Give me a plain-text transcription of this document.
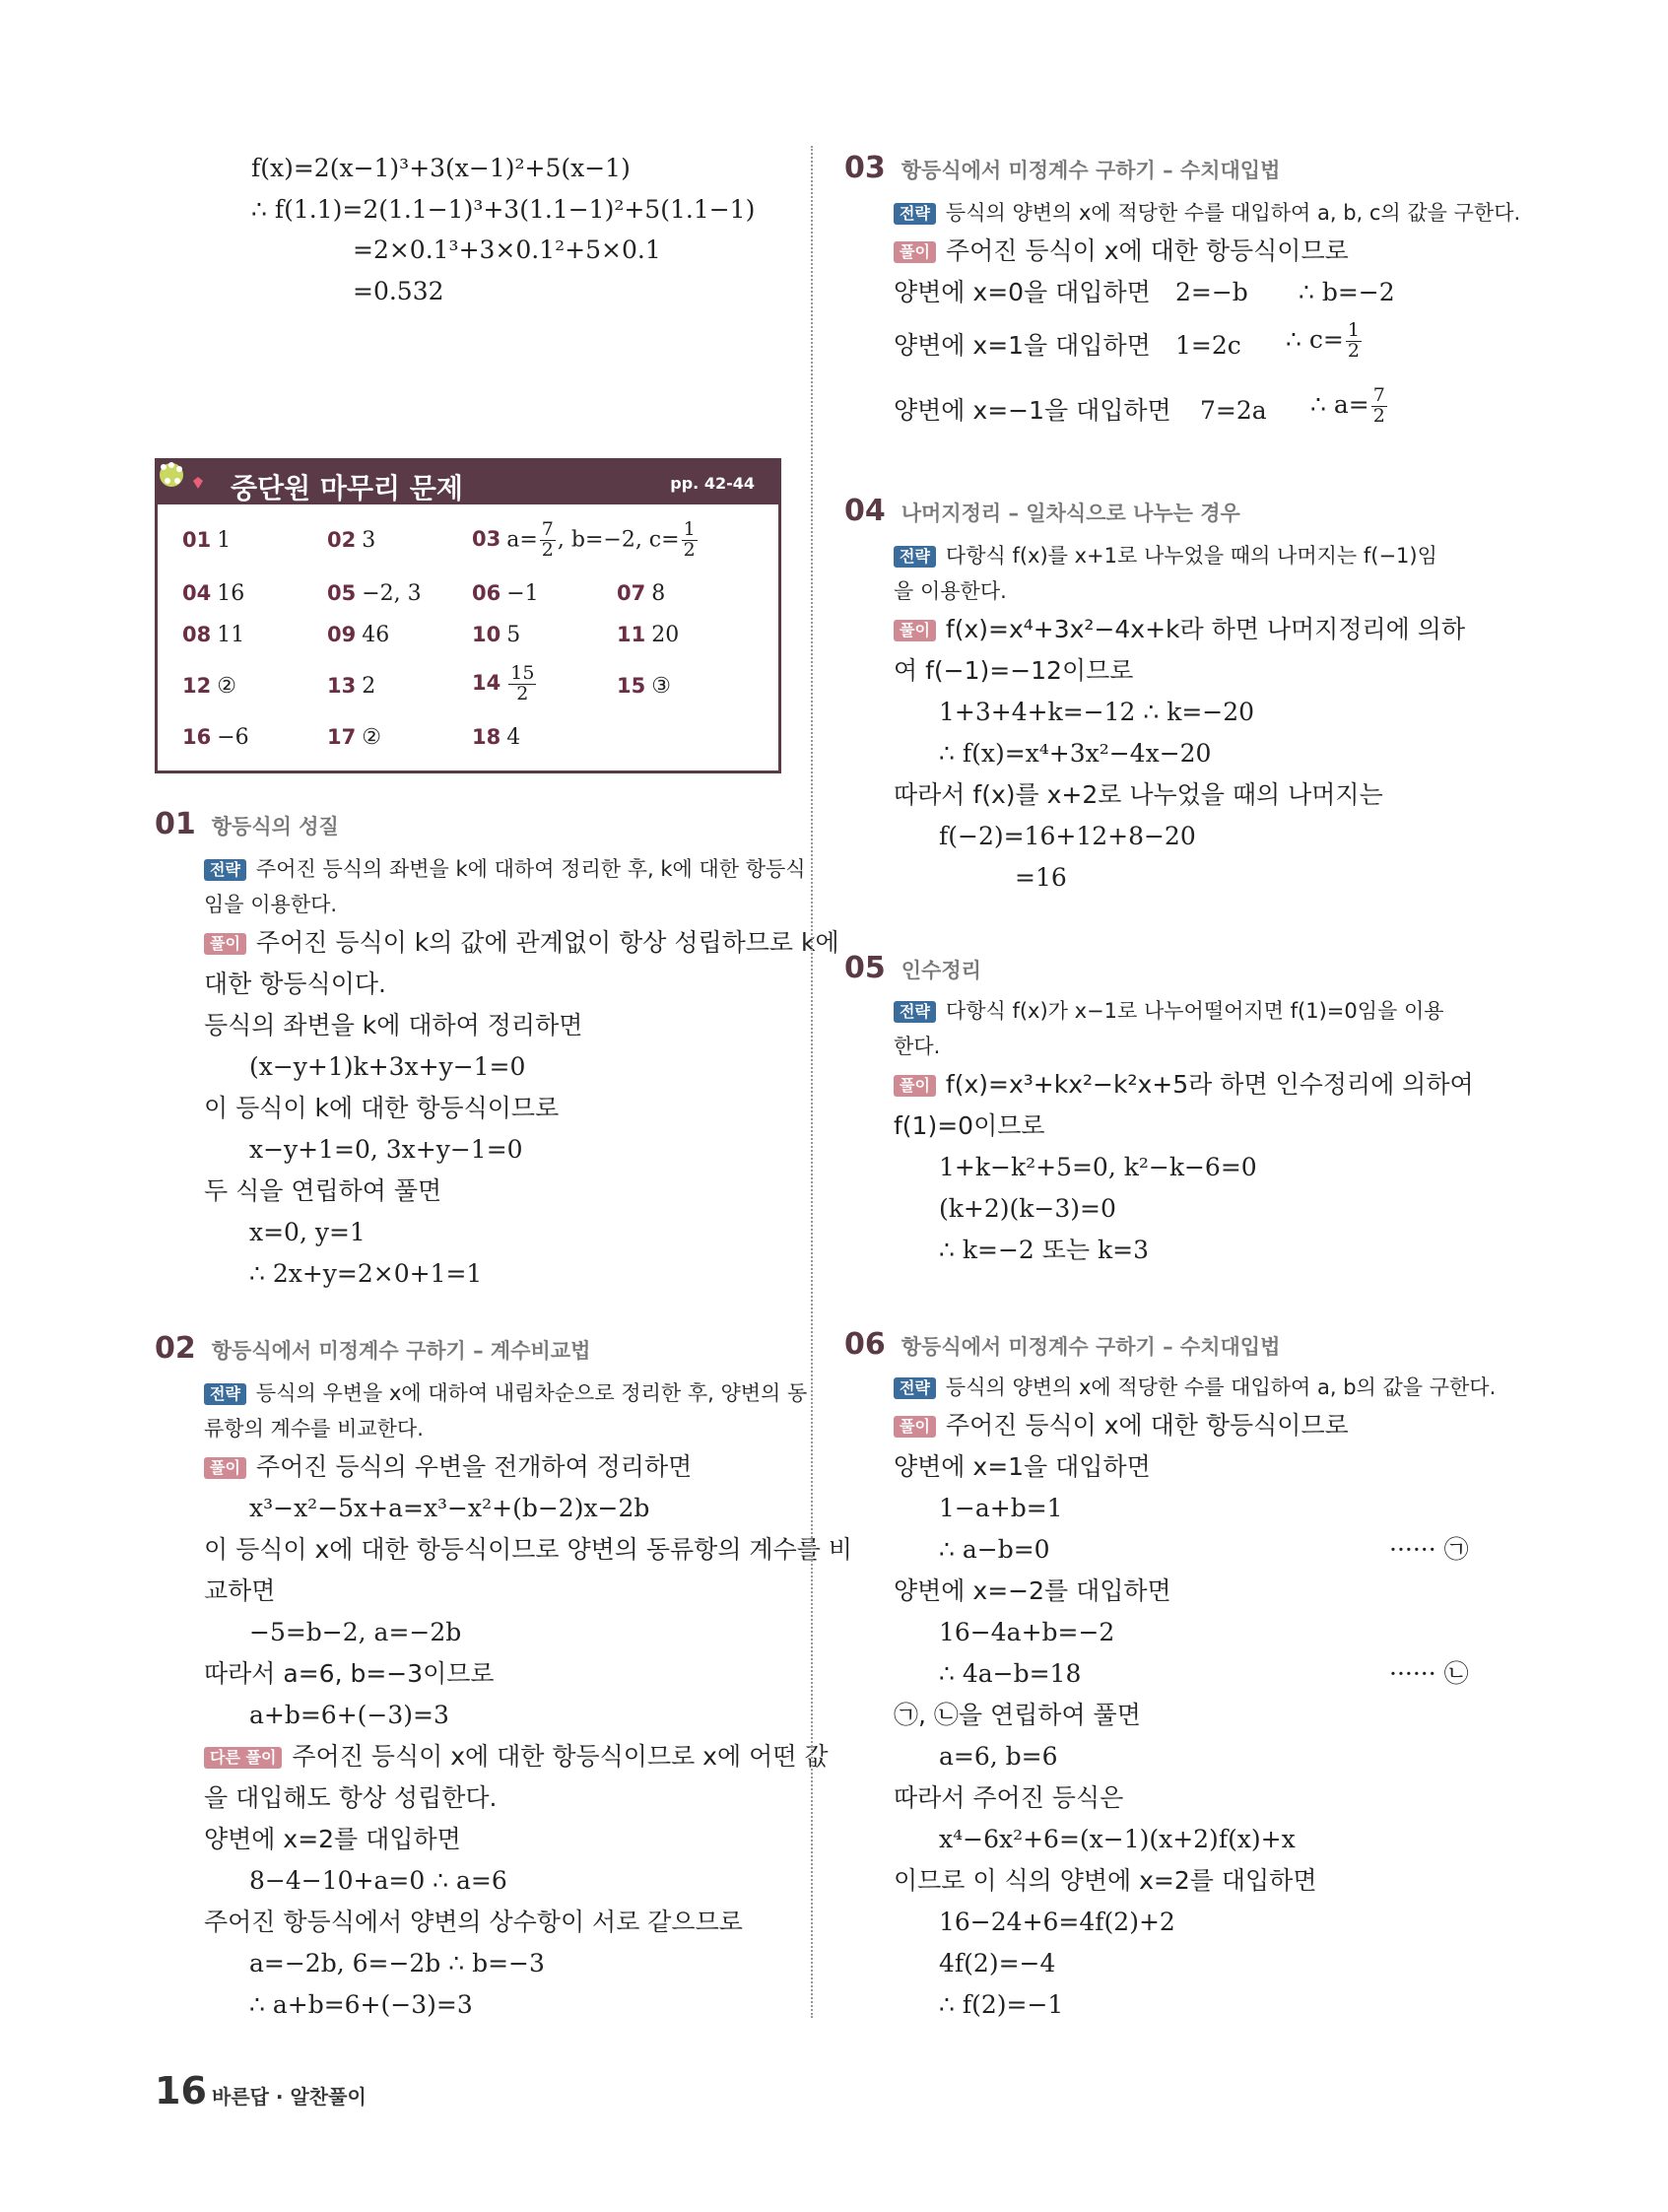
f(x)=2(x−1)³+3(x−1)²+5(x−1)
∴ f(1.1)=2(1.1−1)³+3(1.1−1)²+5(1.1−1)
=2×0.1³+3×0.1²+5×0.1
=0.532
중단원 마무리 문제	pp. 42-44
01 1	02 3	03 $a= \frac{7}{2}$ , b=−2, $c= \frac{1}{2}$
04 16	05 −2, 3 06 −1	07 8
08 11	09 46	10 5	11 20
12 ②	13 2	$14 \frac{15}{2}$	15 ③
16 −6	17 ②	18 4
01 항등식의 성질
전략 주어진 등식의 좌변을 k에 대하여 정리한 후, k에 대한 항등식
임을 이용한다.
풀이 주어진 등식이 k의 값에 관계없이 항상 성립하므로 k에
대한 항등식이다.
등식의 좌변을 k에 대하여 정리하면
(x−y+1)k+3x+y−1=0
이 등식이 k에 대한 항등식이므로
x−y+1=0, 3x+y−1=0
두 식을 연립하여 풀면
x=0, y=1
∴ 2x+y=2×0+1=1
02 항등식에서 미정계수 구하기 – 계수비교법
전략 등식의 우변을 x에 대하여 내림차순으로 정리한 후, 양변의 동
류항의 계수를 비교한다.
풀이 주어진 등식의 우변을 전개하여 정리하면
x³−x²−5x+a=x³−x²+(b−2)x−2b
이 등식이 x에 대한 항등식이므로 양변의 동류항의 계수를 비
교하면
−5=b−2, a=−2b
따라서 a=6, b=−3이므로
a+b=6+(−3)=3
다른 풀이 주어진 등식이 x에 대한 항등식이므로 x에 어떤 값
을 대입해도 항상 성립한다.
양변에 x=2를 대입하면
8−4−10+a=0 ∴ a=6
주어진 항등식에서 양변의 상수항이 서로 같으므로
a=−2b, 6=−2b ∴ b=−3
∴ a+b=6+(−3)=3
03 항등식에서 미정계수 구하기 – 수치대입법
전략 등식의 양변의 x에 적당한 수를 대입하여 a, b, c의 값을 구한다.
풀이 주어진 등식이 x에 대한 항등식이므로
양변에 x=0을 대입하면 2=−b ∴ b=−2
양변에 x=1을 대입하면 1=2c ∴ $c= \frac{1}{2}$
양변에 x=−1을 대입하면 7=2a ∴ $a= \frac{7}{2}$
04 나머지정리 – 일차식으로 나누는 경우
전략 다항식 f(x)를 x+1로 나누었을 때의 나머지는 f(−1)임
을 이용한다.
풀이 f(x)=x⁴+3x²−4x+k라 하면 나머지정리에 의하
여 f(−1)=−12이므로
1+3+4+k=−12 ∴ k=−20
∴ f(x)=x⁴+3x²−4x−20
따라서 f(x)를 x+2로 나누었을 때의 나머지는
f(−2)=16+12+8−20
=16
05 인수정리
전략 다항식 f(x)가 x−1로 나누어떨어지면 f(1)=0임을 이용
한다.
풀이 f(x)=x³+kx²−k²x+5라 하면 인수정리에 의하여
f(1)=0이므로
1+k−k²+5=0, k²−k−6=0
(k+2)(k−3)=0
∴ k=−2 또는 k=3
06 항등식에서 미정계수 구하기 – 수치대입법
전략 등식의 양변의 x에 적당한 수를 대입하여 a, b의 값을 구한다.
풀이 주어진 등식이 x에 대한 항등식이므로
양변에 x=1을 대입하면
1−a+b=1
∴ a−b=0	······ ㉠
양변에 x=−2를 대입하면
16−4a+b=−2
∴ 4a−b=18	······ ㉡
㉠, ㉡을 연립하여 풀면
a=6, b=6
따라서 주어진 등식은
x⁴−6x²+6=(x−1)(x+2)f(x)+x
이므로 이 식의 양변에 x=2를 대입하면
16−24+6=4f(2)+2
4f(2)=−4
∴ f(2)=−1
16 바른답 · 알찬풀이
